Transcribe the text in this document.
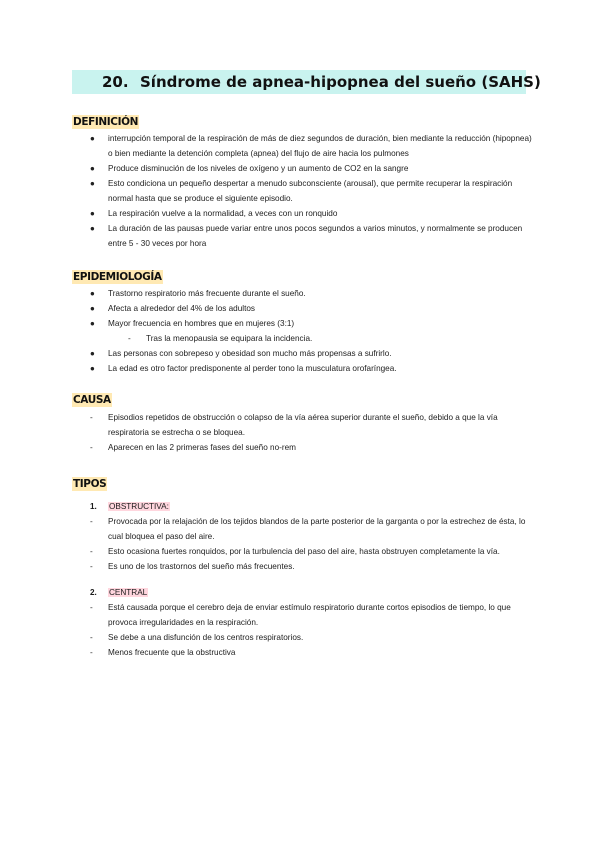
20. Síndrome de apnea-hipopnea del sueño (SAHS)
DEFINICIÓN
● interrupción temporal de la respiración de más de diez segundos de duración, bien mediante la reducción (hipopnea) o bien mediante la detención completa (apnea) del flujo de aire hacia los pulmones
● Produce disminución de los niveles de oxígeno y un aumento de CO2 en la sangre
● Esto condiciona un pequeño despertar a menudo subconsciente (arousal), que permite recuperar la respiración normal hasta que se produce el siguiente episodio.
● La respiración vuelve a la normalidad, a veces con un ronquido
● La duración de las pausas puede variar entre unos pocos segundos a varios minutos, y normalmente se producen entre 5 - 30 veces por hora
EPIDEMIOLOGÍA
● Trastorno respiratorio más frecuente durante el sueño.
● Afecta a alrededor del 4% de los adultos
● Mayor frecuencia en hombres que en mujeres (3:1)
- Tras la menopausia se equipara la incidencia.
● Las personas con sobrepeso y obesidad son mucho más propensas a sufrirlo.
● La edad es otro factor predisponente al perder tono la musculatura orofaríngea.
CAUSA
- Episodios repetidos de obstrucción o colapso de la vía aérea superior durante el sueño, debido a que la vía respiratoria se estrecha o se bloquea.
- Aparecen en las 2 primeras fases del sueño no-rem
TIPOS
1. OBSTRUCTIVA:
- Provocada por la relajación de los tejidos blandos de la parte posterior de la garganta o por la estrechez de ésta, lo cual bloquea el paso del aire.
- Esto ocasiona fuertes ronquidos, por la turbulencia del paso del aire, hasta obstruyen completamente la vía.
- Es uno de los trastornos del sueño más frecuentes.
2. CENTRAL
- Está causada porque el cerebro deja de enviar estímulo respiratorio durante cortos episodios de tiempo, lo que provoca irregularidades en la respiración.
- Se debe a una disfunción de los centros respiratorios.
- Menos frecuente que la obstructiva
